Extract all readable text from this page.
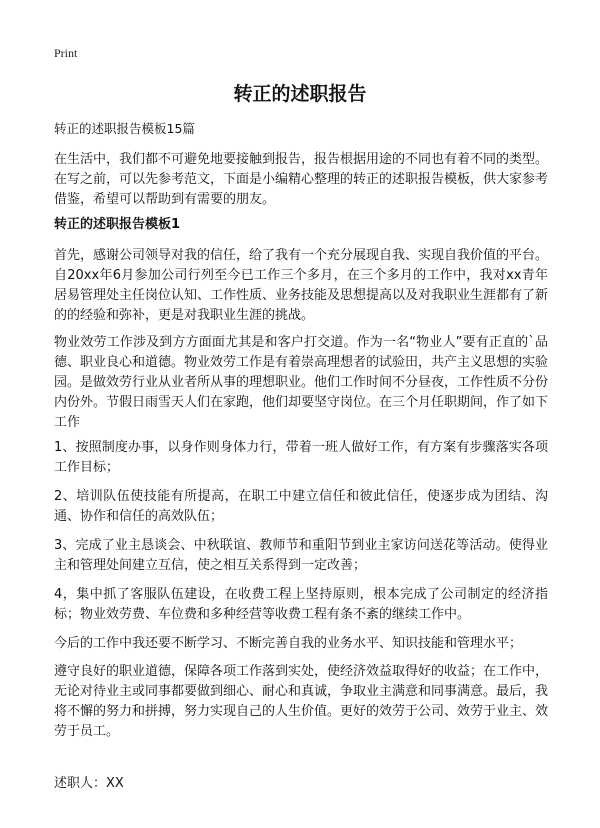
Print
转正的述职报告
转正的述职报告模板15篇

在生活中，我们都不可避免地要接触到报告，报告根据用途的不同也有着不同的类型。在写之前，可以先参考范文，下面是小编精心整理的转正的述职报告模板，供大家参考借鉴，希望可以帮助到有需要的朋友。

转正的述职报告模板1

首先，感谢公司领导对我的信任，给了我有一个充分展现自我、实现自我价值的平台。自20xx年6月参加公司行列至今已工作三个多月，在三个多月的工作中，我对xx青年居易管理处主任岗位认知、工作性质、业务技能及思想提高以及对我职业生涯都有了新的的经验和弥补，更是对我职业生涯的挑战。

物业效劳工作涉及到方方面面尤其是和客户打交道。作为一名“物业人”要有正直的`品德、职业良心和道德。物业效劳工作是有着崇高理想者的试验田，共产主义思想的实验园。是做效劳行业从业者所从事的理想职业。他们工作时间不分昼夜，工作性质不分份内份外。节假日雨雪天人们在家跑，他们却要坚守岗位。在三个月任职期间，作了如下工作

1、按照制度办事，以身作则身体力行，带着一班人做好工作，有方案有步骤落实各项工作目标；

2、培训队伍使技能有所提高，在职工中建立信任和彼此信任，使逐步成为团结、沟通、协作和信任的高效队伍；

3、完成了业主恳谈会、中秋联谊、教师节和重阳节到业主家访问送花等活动。使得业主和管理处间建立互信，使之相互关系得到一定改善；

4，集中抓了客服队伍建设，在收费工程上坚持原则，根本完成了公司制定的经济指标；物业效劳费、车位费和多种经营等收费工程有条不紊的继续工作中。

今后的工作中我还要不断学习、不断完善自我的业务水平、知识技能和管理水平；

遵守良好的职业道德，保障各项工作落到实处，使经济效益取得好的收益；在工作中，无论对待业主或同事都要做到细心、耐心和真诚，争取业主满意和同事满意。最后，我将不懈的努力和拼搏，努力实现自己的人生价值。更好的效劳于公司、效劳于业主、效劳于员工。

述职人：XX
